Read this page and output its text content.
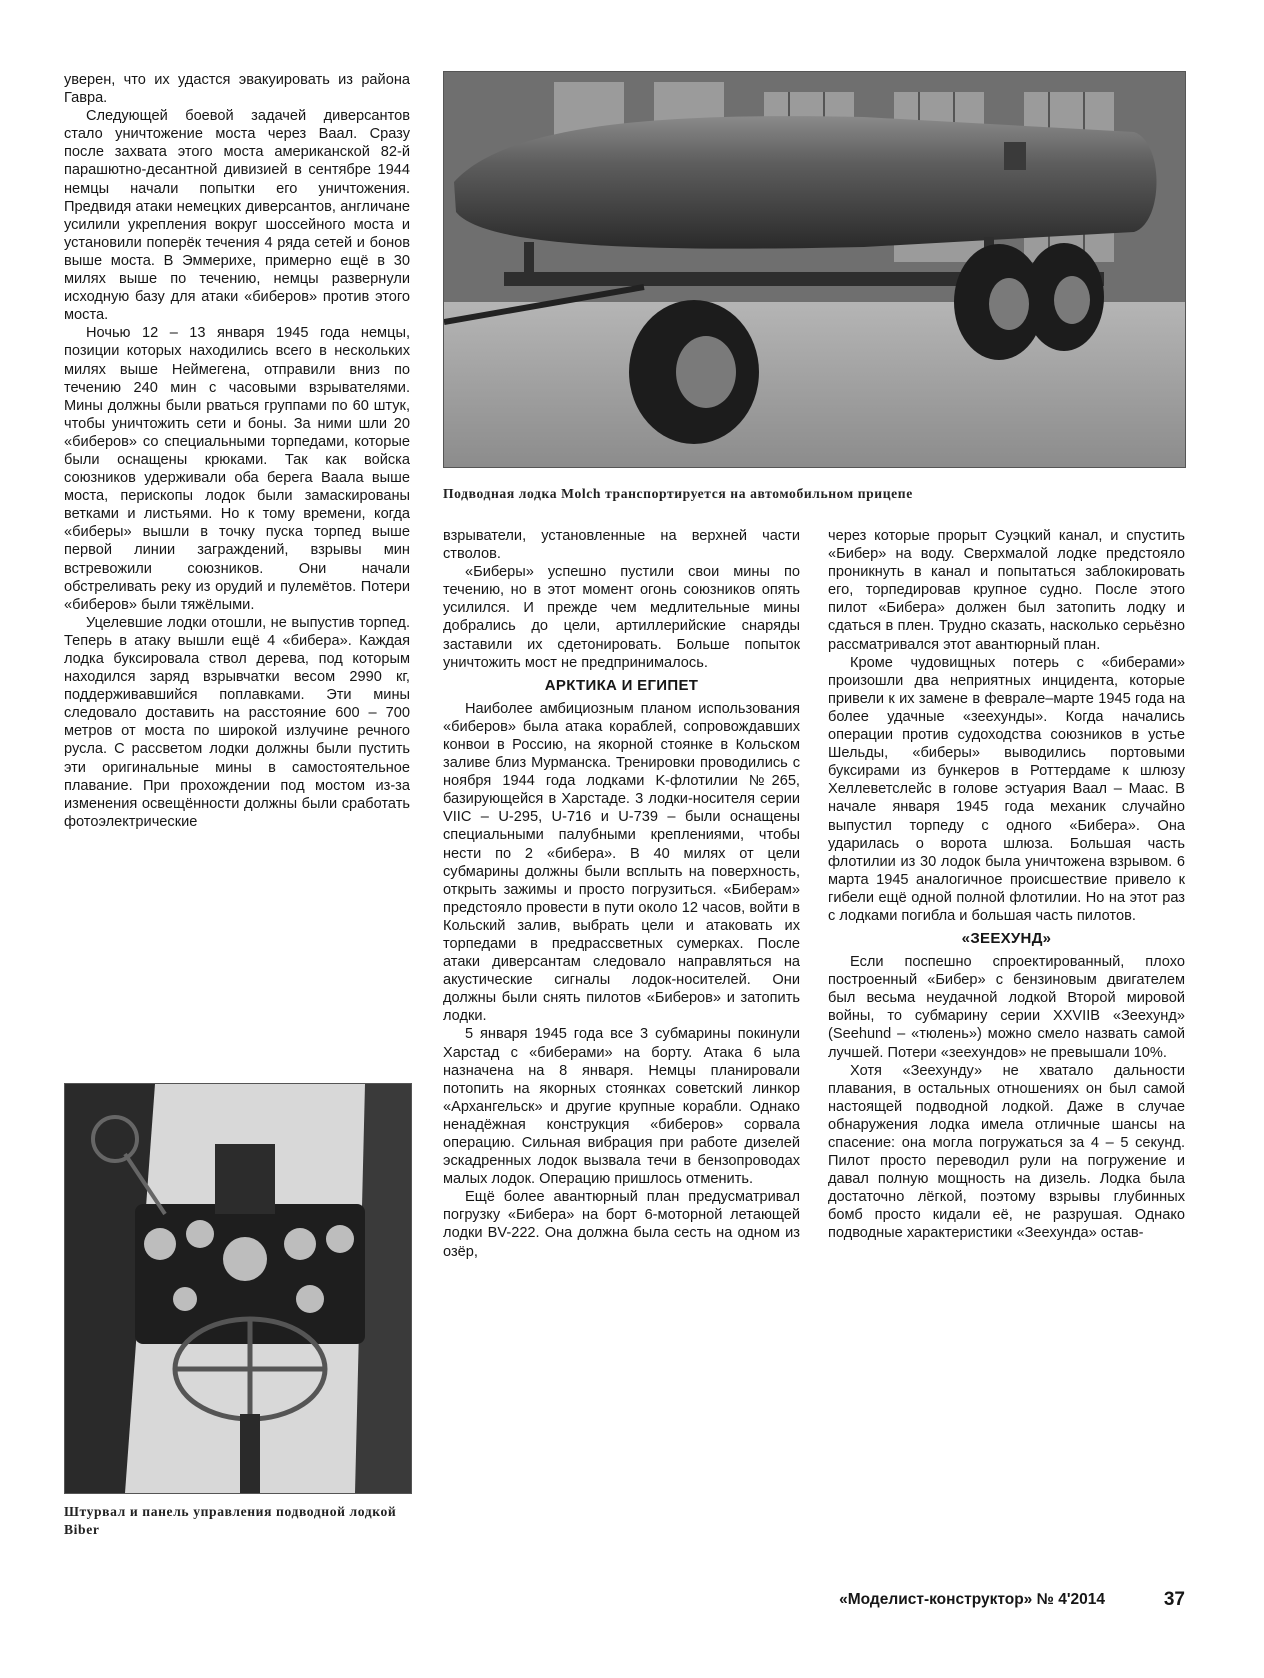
уверен, что их удастся эвакуировать из района Гавра.

Следующей боевой задачей диверсантов стало уничтожение моста через Ваал. Сразу после захвата этого моста американской 82-й парашютно-десантной дивизией в сентябре 1944 немцы начали попытки его уничтожения. Предвидя атаки немецких диверсантов, англичане усилили укрепления вокруг шоссейного моста и установили поперёк течения 4 ряда сетей и бонов выше моста. В Эммерихе, примерно ещё в 30 милях выше по течению, немцы развернули исходную базу для атаки «биберов» против этого моста.

Ночью 12 – 13 января 1945 года немцы, позиции которых находились всего в нескольких милях выше Неймегена, отправили вниз по течению 240 мин с часовыми взрывателями. Мины должны были рваться группами по 60 штук, чтобы уничтожить сети и боны. За ними шли 20 «биберов» со специальными торпедами, которые были оснащены крюками. Так как войска союзников удерживали оба берега Ваала выше моста, перископы лодок были замаскированы ветками и листьями. Но к тому времени, когда «биберы» вышли в точку пуска торпед выше первой линии заграждений, взрывы мин встревожили союзников. Они начали обстреливать реку из орудий и пулемётов. Потери «биберов» были тяжёлыми.

Уцелевшие лодки отошли, не выпустив торпед. Теперь в атаку вышли ещё 4 «бибера». Каждая лодка буксировала ствол дерева, под которым находился заряд взрывчатки весом 2990 кг, поддерживавшийся поплавками. Эти мины следовало доставить на расстояние 600 – 700 метров от моста по широкой излучине речного русла. С рассветом лодки должны были пустить эти оригинальные мины в самостоятельное плавание. При прохождении под мостом из-за изменения освещённости должны были сработать фотоэлектрические

Подводная лодка Molch транспортируется на автомобильном прицепе

взрыватели, установленные на верхней части стволов.

«Биберы» успешно пустили свои мины по течению, но в этот момент огонь союзников опять усилился. И прежде чем медлительные мины добрались до цели, артиллерийские снаряды заставили их сдетонировать. Больше попыток уничтожить мост не предпринималось.

АРКТИКА И ЕГИПЕТ

Наиболее амбициозным планом использования «биберов» была атака кораблей, сопровождавших конвои в Россию, на якорной стоянке в Кольском заливе близ Мурманска. Тренировки проводились с ноября 1944 года лодками K-флотилии №265, базирующейся в Харстаде. 3 лодки-носителя серии VIIC – U-295, U-716 и U-739 – были оснащены специальными палубными креплениями, чтобы нести по 2 «бибера». В 40 милях от цели субмарины должны были всплыть на поверхность, открыть зажимы и просто погрузиться. «Биберам» предстояло провести в пути около 12 часов, войти в Кольский залив, выбрать цели и атаковать их торпедами в предрассветных сумерках. После атаки диверсантам следовало направляться на акустические сигналы лодок-носителей. Они должны были снять пилотов «Биберов» и затопить лодки.

5 января 1945 года все 3 субмарины покинули Харстад с «биберами» на борту. Атака 6 ыла назначена на 8 января. Немцы планировали потопить на якорных стоянках советский линкор «Архангельск» и другие крупные корабли. Однако ненадёжная конструкция «биберов» сорвала операцию. Сильная вибрация при работе дизелей эскадренных лодок вызвала течи в бензопроводах малых лодок. Операцию пришлось отменить.

Ещё более авантюрный план предусматривал погрузку «Бибера» на борт 6-моторной летающей лодки BV-222. Она должна была сесть на одном из озёр,

через которые прорыт Суэцкий канал, и спустить «Бибер» на воду. Сверхмалой лодке предстояло проникнуть в канал и попытаться заблокировать его, торпедировав крупное судно. После этого пилот «Бибера» должен был затопить лодку и сдаться в плен. Трудно сказать, насколько серьёзно рассматривался этот авантюрный план.

Кроме чудовищных потерь с «биберами» произошли два неприятных инцидента, которые привели к их замене в феврале–марте 1945 года на более удачные «зеехунды». Когда начались операции против судоходства союзников в устье Шельды, «биберы» выводились портовыми буксирами из бункеров в Роттердаме к шлюзу Хеллеветслейс в голове эстуария Ваал – Маас. В начале января 1945 года механик случайно выпустил торпеду с одного «Бибера». Она ударилась о ворота шлюза. Большая часть флотилии из 30 лодок была уничтожена взрывом. 6 марта 1945 аналогичное происшествие привело к гибели ещё одной полной флотилии. Но на этот раз с лодками погибла и большая часть пилотов.

«ЗЕЕХУНД»

Если поспешно спроектированный, плохо построенный «Бибер» с бензиновым двигателем был весьма неудачной лодкой Второй мировой войны, то субмарину серии XXVIIB «Зеехунд» (Seehund – «тюлень») можно смело назвать самой лучшей. Потери «зеехундов» не превышали 10%.

Хотя «Зеехунду» не хватало дальности плавания, в остальных отношениях он был самой настоящей подводной лодкой. Даже в случае обнаружения лодка имела отличные шансы на спасение: она могла погружаться за 4 – 5 секунд. Пилот просто переводил рули на погружение и давал полную мощность на дизель. Лодка была достаточно лёгкой, поэтому взрывы глубинных бомб просто кидали её, не разрушая. Однако подводные характеристики «Зеехунда» остав-

Штурвал и панель управления подводной лодкой Biber
«Моделист-конструктор» № 4'2014	37
